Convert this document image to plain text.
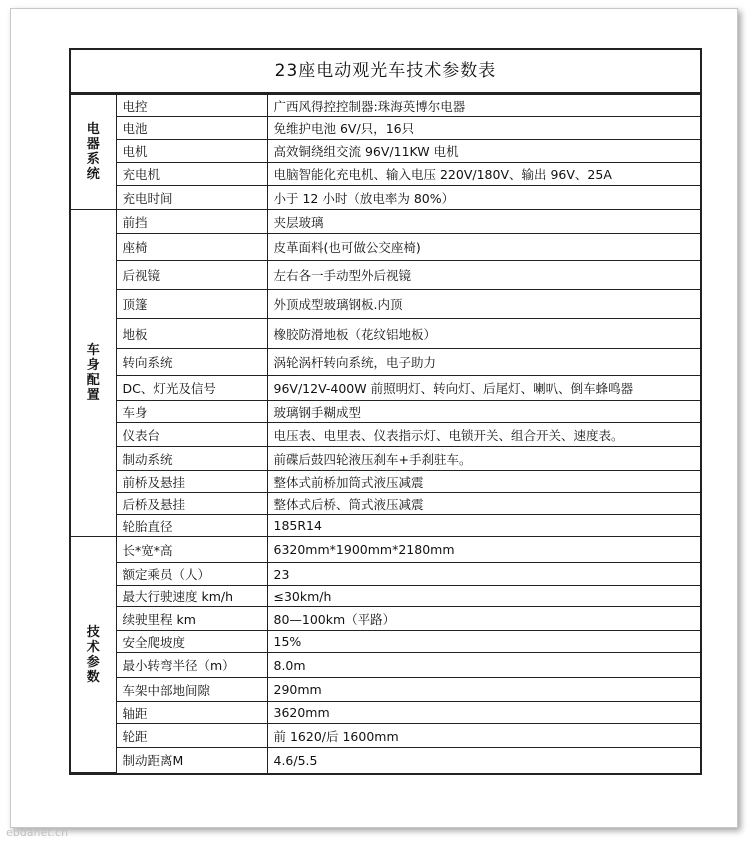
23座电动观光车技术参数表
电器系统	电控	广西风得控控制器:珠海英博尔电器
	电池	免维护电池 6V/只，16只
	电机	高效铜绕组交流 96V/11KW 电机
	充电机	电脑智能化充电机、输入电压 220V/180V、输出 96V、25A
	充电时间	小于 12 小时（放电率为 80%）
车身配置	前挡	夹层玻璃
	座椅	皮革面料(也可做公交座椅)
	后视镜	左右各一手动型外后视镜
	顶篷	外顶成型玻璃钢板.内顶
	地板	橡胶防滑地板（花纹铝地板）
	转向系统	涡轮涡杆转向系统，电子助力
	DC、灯光及信号	96V/12V-400W 前照明灯、转向灯、后尾灯、喇叭、倒车蜂鸣器
	车身	玻璃钢手糊成型
	仪表台	电压表、电里表、仪表指示灯、电锁开关、组合开关、速度表。
	制动系统	前碟后鼓四轮液压刹车+手刹驻车。
	前桥及悬挂	整体式前桥加筒式液压减震
	后桥及悬挂	整体式后桥、筒式液压减震
	轮胎直径	185R14
技术参数	长*宽*高	6320mm*1900mm*2180mm
	额定乘员（人）	23
	最大行驶速度 km/h	≤30km/h
	续驶里程 km	80—100km（平路）
	安全爬坡度	15%
	最小转弯半径（m）	8.0m
	车架中部地间隙	290mm
	轴距	3620mm
	轮距	前 1620/后 1600mm
	制动距离M	4.6/5.5
ebdanet.cn
